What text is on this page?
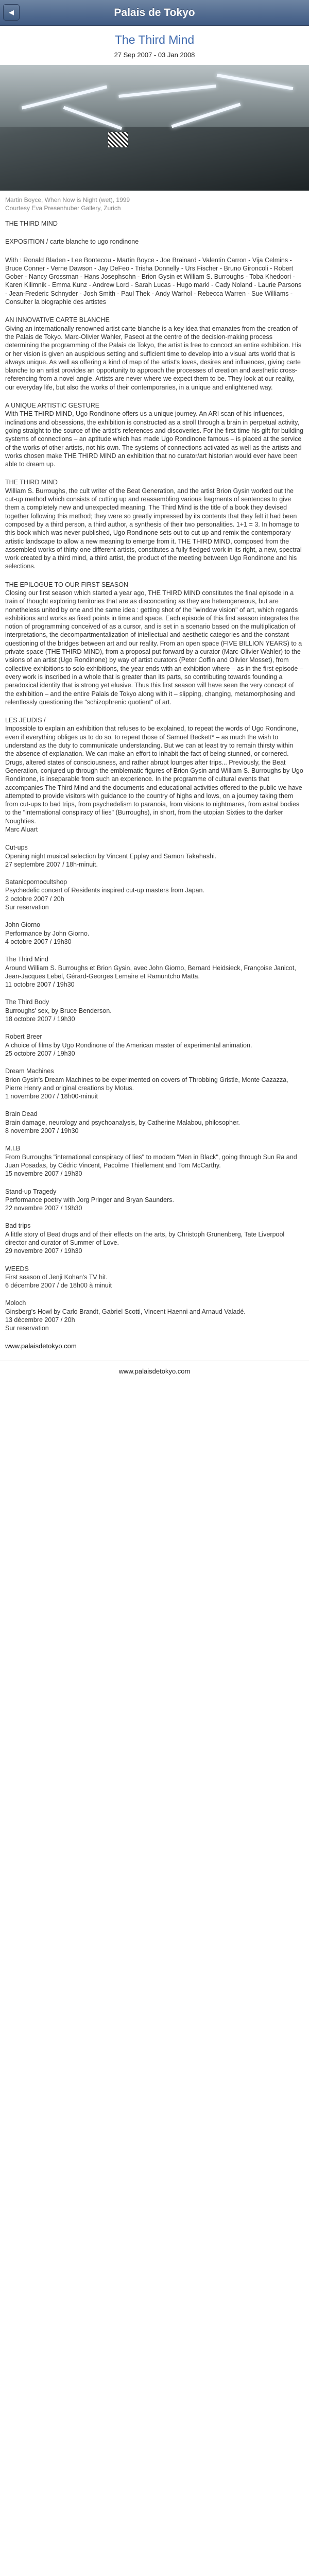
◂	Palais de Tokyo
The Third Mind
27 Sep 2007 - 03 Jan 2008
Martin Boyce, When Now is Night (wet), 1999
Courtesy Eva Presenhuber Gallery, Zurich

THE THIRD MIND

EXPOSITION / carte blanche to ugo rondinone

With : Ronald Bladen - Lee Bontecou - Martin Boyce - Joe Brainard - Valentin Carron - Vija Celmins - Bruce Conner - Verne Dawson - Jay DeFeo - Trisha Donnelly - Urs Fischer - Bruno Gironcoli - Robert Gober - Nancy Grossman - Hans Josephsohn - Brion Gysin et William S. Burroughs - Toba Khedoori - Karen Kilimnik - Emma Kunz - Andrew Lord - Sarah Lucas - Hugo markl - Cady Noland - Laurie Parsons - Jean-Frederic Schnyder - Josh Smith - Paul Thek - Andy Warhol - Rebecca Warren - Sue Williams - Consulter la biographie des artistes

AN INNOVATIVE CARTE BLANCHE
Giving an internationally renowned artist carte blanche is a key idea that emanates from the creation of the Palais de Tokyo. Marc-Olivier Wahler, Paseot at the centre of the decision-making process determining the programming of the Palais de Tokyo, the artist is free to concoct an entire exhibition. His or her vision is given an auspicious setting and sufficient time to develop into a visual arts world that is always unique. As well as offering a kind of map of the artist's loves, desires and influences, giving carte blanche to an artist provides an opportunity to approach the processes of creation and aesthetic cross-referencing from a novel angle. Artists are never where we expect them to be. They look at our reality, our everyday life, but also the works of their contemporaries, in a unique and enlightened way.

A UNIQUE ARTISTIC GESTURE
With THE THIRD MIND, Ugo Rondinone offers us a unique journey. An ARI scan of his influences, inclinations and obsessions, the exhibition is constructed as a stroll through a brain in perpetual activity, going straight to the source of the artist's references and discoveries. For the first time his gift for building systems of connections – an aptitude which has made Ugo Rondinone famous – is placed at the service of the works of other artists, not his own. The systems of connections activated as well as the artists and works chosen make THE THIRD MIND an exhibition that no curator/art historian would ever have been able to dream up.

THE THIRD MIND
William S. Burroughs, the cult writer of the Beat Generation, and the artist Brion Gysin worked out the cut-up method which consists of cutting up and reassembling various fragments of sentences to give them a completely new and unexpected meaning. The Third Mind is the title of a book they devised together following this method; they were so greatly impressed by its contents that they felt it had been composed by a third person, a third author, a synthesis of their two personalities. 1+1 = 3. In homage to this book which was never published, Ugo Rondinone sets out to cut up and remix the contemporary artistic landscape to allow a new meaning to emerge from it. THE THIRD MIND, composed from the assembled works of thirty-one different artists, constitutes a fully fledged work in its right, a new, spectral work created by a third mind, a third artist, the product of the meeting between Ugo Rondinone and his selections.

THE EPILOGUE TO OUR FIRST SEASON
Closing our first season which started a year ago, THE THIRD MIND constitutes the final episode in a train of thought exploring territories that are as disconcerting as they are heterogeneous, but are nonetheless united by one and the same idea : getting shot of the "window vision" of art, which regards exhibitions and works as fixed points in time and space. Each episode of this first season integrates the notion of programming conceived of as a cursor, and is set in a scenario based on the multiplication of interpretations, the decompartmentalization of intellectual and aesthetic categories and the constant questioning of the bridges between art and our reality. From an open space (FIVE BILLION YEARS) to a private space (THE THIRD MIND), from a proposal put forward by a curator (Marc-Olivier Wahler) to the visions of an artist (Ugo Rondinone) by way of artist curators (Peter Coffin and Olivier Mosset), from collective exhibitions to solo exhibitions, the year ends with an exhibition where – as in the first episode – every work is inscribed in a whole that is greater than its parts, so contributing towards founding a paradoxical identity that is strong yet elusive. Thus this first season will have seen the very concept of the exhibition – and the entire Palais de Tokyo along with it – slipping, changing, metamorphosing and relentlessly questioning the "schizophrenic quotient" of art.

LES JEUDIS /
Impossible to explain an exhibition that refuses to be explained, to repeat the words of Ugo Rondinone, even if everything obliges us to do so, to repeat those of Samuel Beckett* – as much the wish to understand as the duty to communicate understanding. But we can at least try to remain thirsty within the absence of explanation. We can make an effort to inhabit the fact of being stunned, or cornered. Drugs, altered states of consciousness, and rather abrupt lounges after trips... Previously, the Beat Generation, conjured up through the emblematic figures of Brion Gysin and William S. Burroughs by Ugo Rondinone, is inseparable from such an experience. In the programme of cultural events that accompanies The Third Mind and the documents and educational activities offered to the public we have attempted to provide visitors with guidance to the country of highs and lows, on a journey taking them from cut-ups to bad trips, from psychedelism to paranoia, from visions to nightmares, from astral bodies to the "international conspiracy of lies" (Burroughs), in short, from the utopian Sixties to the darker Noughties.
Marc Aluart

Cut-ups
Opening night musical selection by Vincent Epplay and Samon Takahashi.
27 septembre 2007 / 18h-minuit.
Satanicpornocultshop
Psychedelic concert of Residents inspired cut-up masters from Japan.
2 octobre 2007 / 20h
Sur reservation
John Giorno
Performance by John Giorno.
4 octobre 2007 / 19h30
The Third Mind
Around William S. Burroughs et Brion Gysin, avec John Giorno, Bernard Heidsieck, Françoise Janicot, Jean-Jacques Lebel, Gérard-Georges Lemaire et Ramuntcho Matta.
11 octobre 2007 / 19h30
The Third Body
Burroughs' sex, by Bruce Benderson.
18 octobre 2007 / 19h30
Robert Breer
A choice of films by Ugo Rondinone of the American master of experimental animation.
25 octobre 2007 / 19h30
Dream Machines
Brion Gysin's Dream Machines to be experimented on covers of Throbbing Gristle, Monte Cazazza, Pierre Henry and original creations by Motus.
1 novembre 2007 / 18h00-minuit
Brain Dead
Brain damage, neurology and psychoanalysis, by Catherine Malabou, philosopher.
8 novembre 2007 / 19h30
M.I.B
From Burroughs "international conspiracy of lies" to modern "Men in Black", going through Sun Ra and Juan Posadas, by Cédric Vincent, Pacoîme Thiellement and Tom McCarthy.
15 novembre 2007 / 19h30
Stand-up Tragedy
Performance poetry with Jorg Pringer and Bryan Saunders.
22 novembre 2007 / 19h30
Bad trips
A little story of Beat drugs and of their effects on the arts, by Christoph Grunenberg, Tate Liverpool director and curator of Summer of Love.
29 novembre 2007 / 19h30
WEEDS
First season of Jenji Kohan's TV hit.
6 décembre 2007 / de 18h00 à minuit
Moloch
Ginsberg's Howl by Carlo Brandt, Gabriel Scotti, Vincent Haenni and Arnaud Valadé.
13 décembre 2007 / 20h
Sur reservation
www.palaisdetokyo.com
www.palaisdetokyo.com
